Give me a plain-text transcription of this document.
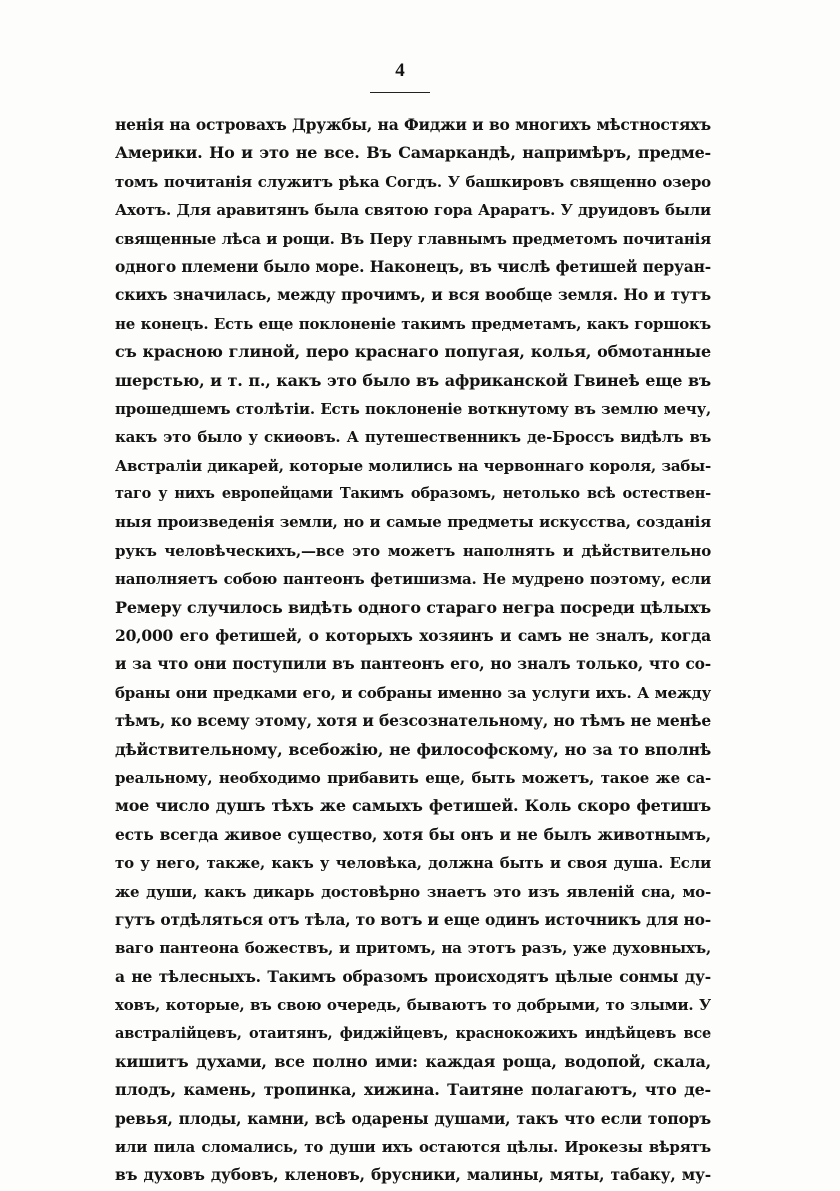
4
нeнiя на островахъ Дружбы, на Фиджи и во многихъ мѣстностяхъ
Америки. Но и это не все. Въ Самаркандѣ, напримѣръ, предме-
томъ почитанія служитъ рѣка Согдъ. У башкировъ священно озеро
Ахотъ. Для аравитянъ была святою гора Араратъ. У друидовъ были
священные лѣса и рощи. Въ Перу главнымъ предметомъ почитанія
одного племени было море. Наконецъ, въ числѣ фетишей перуан-
скихъ значилась, между прочимъ, и вся вообще земля. Но и тутъ
не конецъ. Есть еще поклоненіе такимъ предметамъ, какъ горшокъ
съ красною глиной, перо краснаго попугая, колья, обмотанные
шерстью, и т. п., какъ это было въ африканской Гвинеѣ еще въ
прошедшемъ столѣтіи. Есть поклоненіе воткнутому въ землю мечу,
какъ это было у скиѳовъ. А путешественникъ де-Броссъ видѣлъ въ
Австраліи дикарей, которые молились на червоннаго короля, забы-
таго у нихъ европейцами Такимъ образомъ, нетолько всѣ остествен-
ныя произведенія земли, но и самые предметы искусства, созданія
рукъ человѣческихъ,—все это можетъ наполнять и дѣйствительно
наполняетъ собою пантеонъ фетишизма. Не мудрено поэтому, если
Ремеру случилось видѣть одного стараго негра посреди цѣлыхъ
20,000 его фетишей, о которыхъ хозяинъ и самъ не зналъ, когда
и за что они поступили въ пантеонъ его, но зналъ только, что со-
браны они предками его, и собраны именно за услуги ихъ. А между
тѣмъ, ко всему этому, хотя и безсознательному, но тѣмъ не менѣе
дѣйствительному, всебожію, не философскому, но за то вполнѣ
реальному, необходимо прибавить еще, быть можетъ, такое же са-
мое число душъ тѣхъ же самыхъ фетишей. Коль скоро фетишъ
есть всегда живое существо, хотя бы онъ и не былъ животнымъ,
то у него, также, какъ у человѣка, должна быть и своя душа. Если
же души, какъ дикарь достовѣрно знаетъ это изъ явленій сна, мо-
гутъ отдѣляться отъ тѣла, то вотъ и еще одинъ источникъ для но-
ваго пантеона божествъ, и притомъ, на этотъ разъ, уже духовныхъ,
а не тѣлесныхъ. Такимъ образомъ происходятъ цѣлые сонмы ду-
ховъ, которые, въ свою очередь, бываютъ то добрыми, то злыми. У
австралійцевъ, отаитянъ, фиджійцевъ, краснокожихъ индѣйцевъ все
кишитъ духами, все полно ими: каждая роща, водопой, скала,
плодъ, камень, тропинка, хижина. Таитяне полагаютъ, что де-
ревья, плоды, камни, всѣ одарены душами, такъ что если топоръ
или пила сломались, то души ихъ остаются цѣлы. Ирокезы вѣрятъ
въ духовъ дубовъ, кленовъ, брусники, малины, мяты, табаку, му-
